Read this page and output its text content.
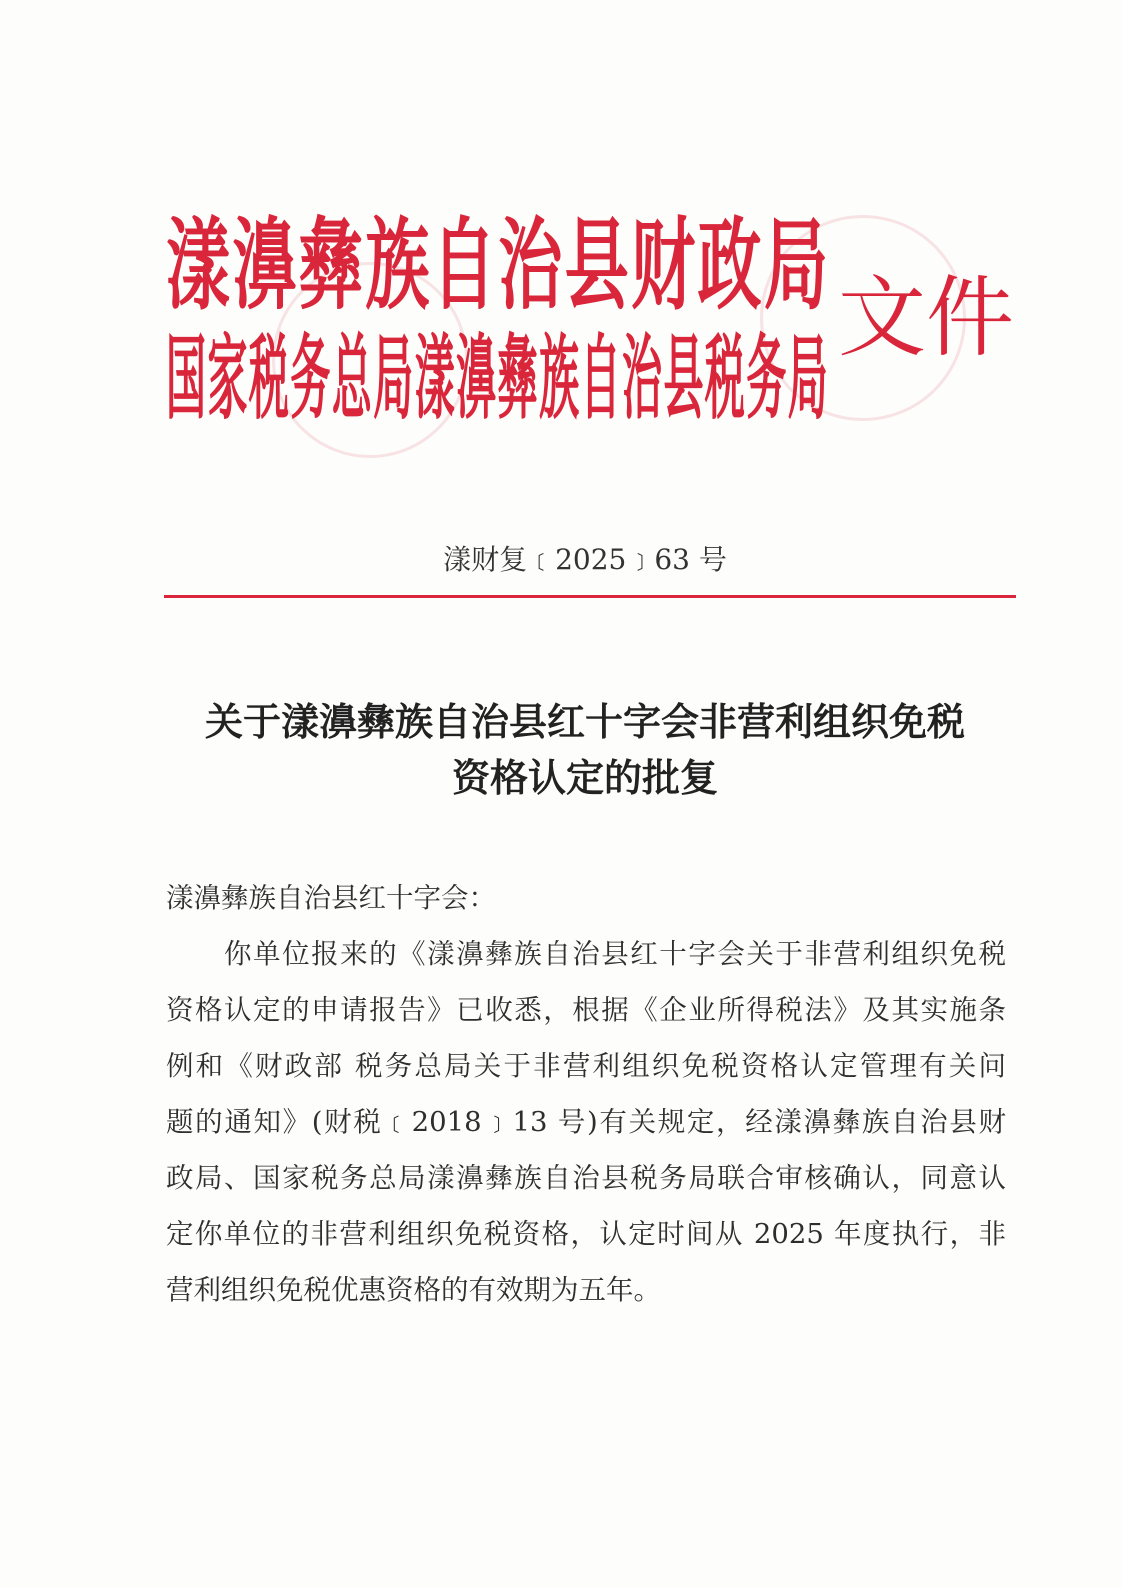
漾 濞 彝 族 自 治 县 财 政 局
国 家 税 务 总 局 漾 濞 彝 族 自 治 县 税 务 局
文件
漾财复﹝2025﹞63 号
关于漾濞彝族自治县红十字会非营利组织免税
资格认定的批复
漾濞彝族自治县红十字会：
　　你单位报来的《漾濞彝族自治县红十字会关于非营利组织免税
资格认定的申请报告》已收悉，根据《企业所得税法》及其实施条
例和《财政部 税务总局关于非营利组织免税资格认定管理有关问
题的通知》(财税﹝2018﹞13 号)有关规定，经漾濞彝族自治县财
政局、国家税务总局漾濞彝族自治县税务局联合审核确认，同意认
定你单位的非营利组织免税资格，认定时间从 2025 年度执行，非
营利组织免税优惠资格的有效期为五年。
